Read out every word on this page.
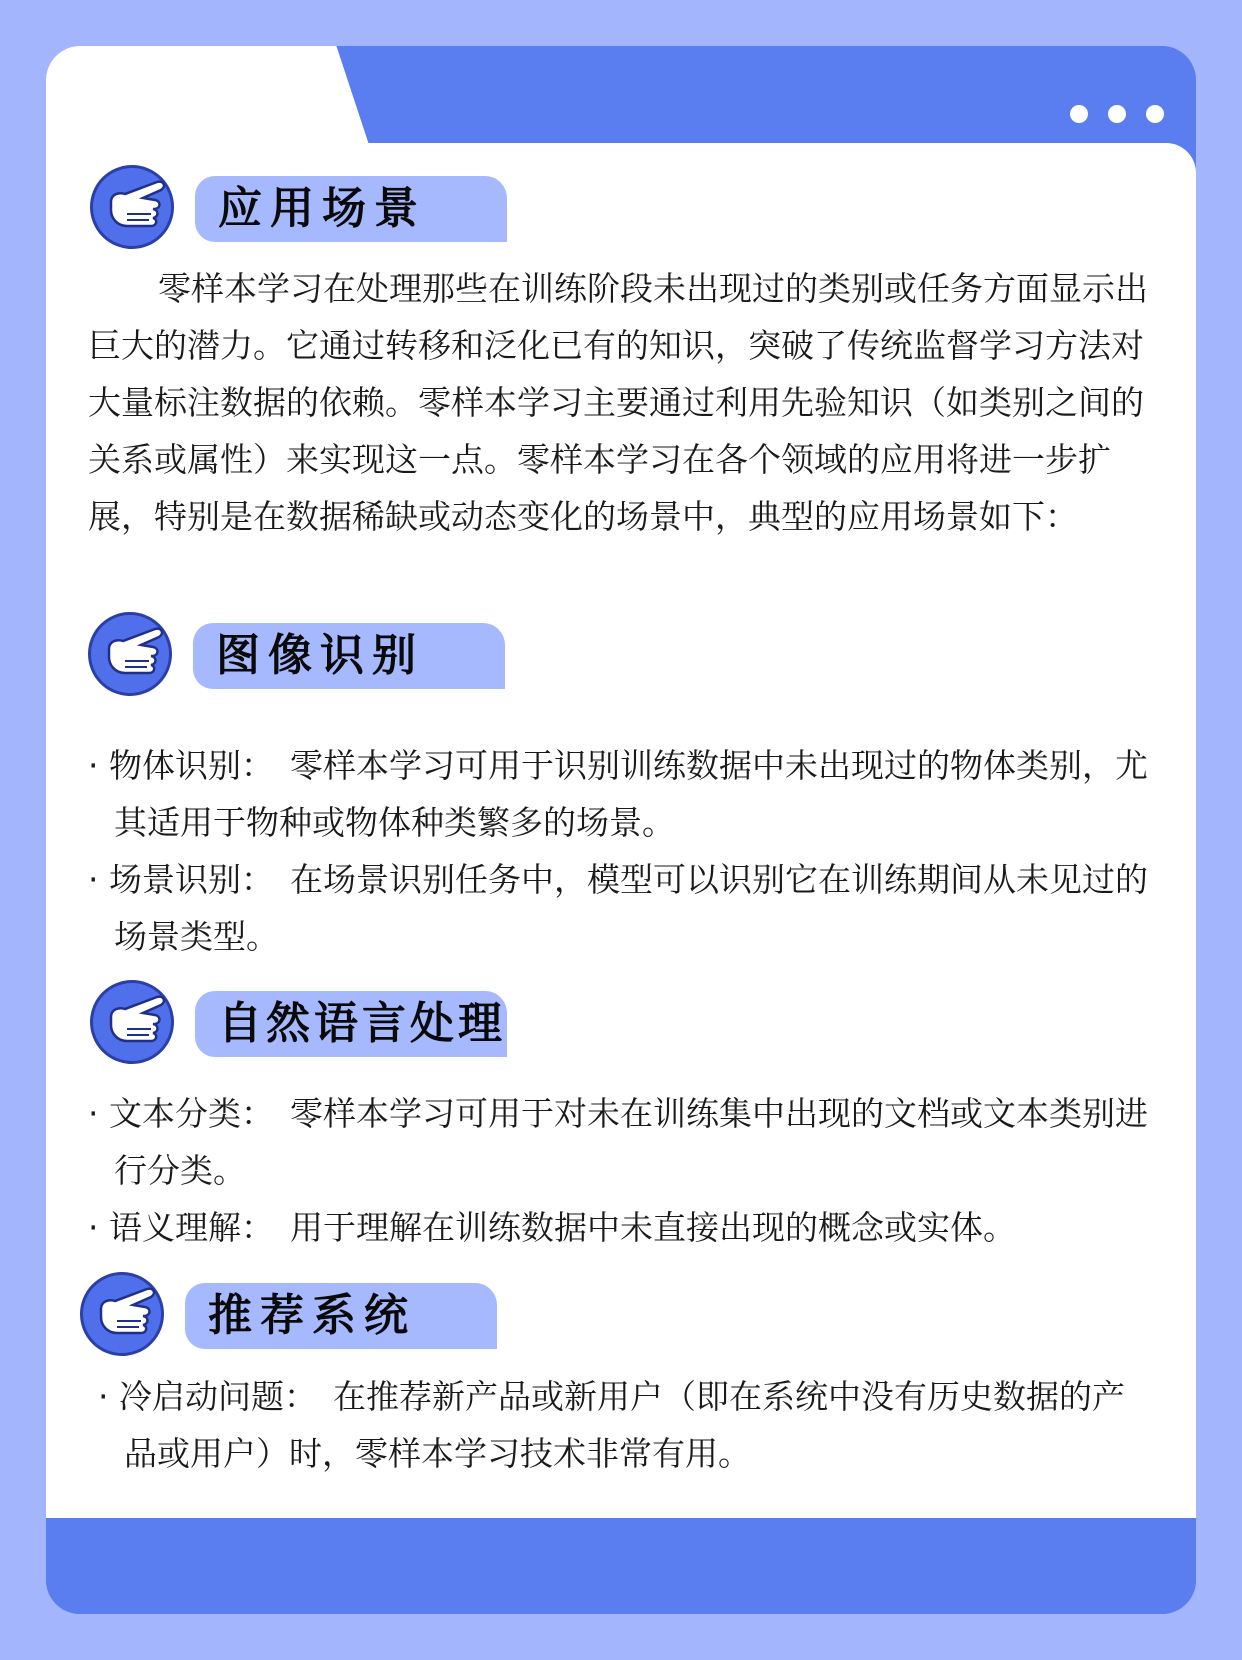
应用场景
零样本学习在处理那些在训练阶段未出现过的类别或任务方面显示出巨大的潜力。它通过转移和泛化已有的知识，突破了传统监督学习方法对大量标注数据的依赖。零样本学习主要通过利用先验知识（如类别之间的关系或属性）来实现这一点。零样本学习在各个领域的应用将进一步扩展，特别是在数据稀缺或动态变化的场景中，典型的应用场景如下：
图像识别
· 物体识别： 零样本学习可用于识别训练数据中未出现过的物体类别，尤其适用于物种或物体种类繁多的场景。
· 场景识别： 在场景识别任务中，模型可以识别它在训练期间从未见过的场景类型。
自然语言处理
· 文本分类： 零样本学习可用于对未在训练集中出现的文档或文本类别进行分类。
· 语义理解： 用于理解在训练数据中未直接出现的概念或实体。
推荐系统
· 冷启动问题： 在推荐新产品或新用户（即在系统中没有历史数据的产品或用户）时，零样本学习技术非常有用。
